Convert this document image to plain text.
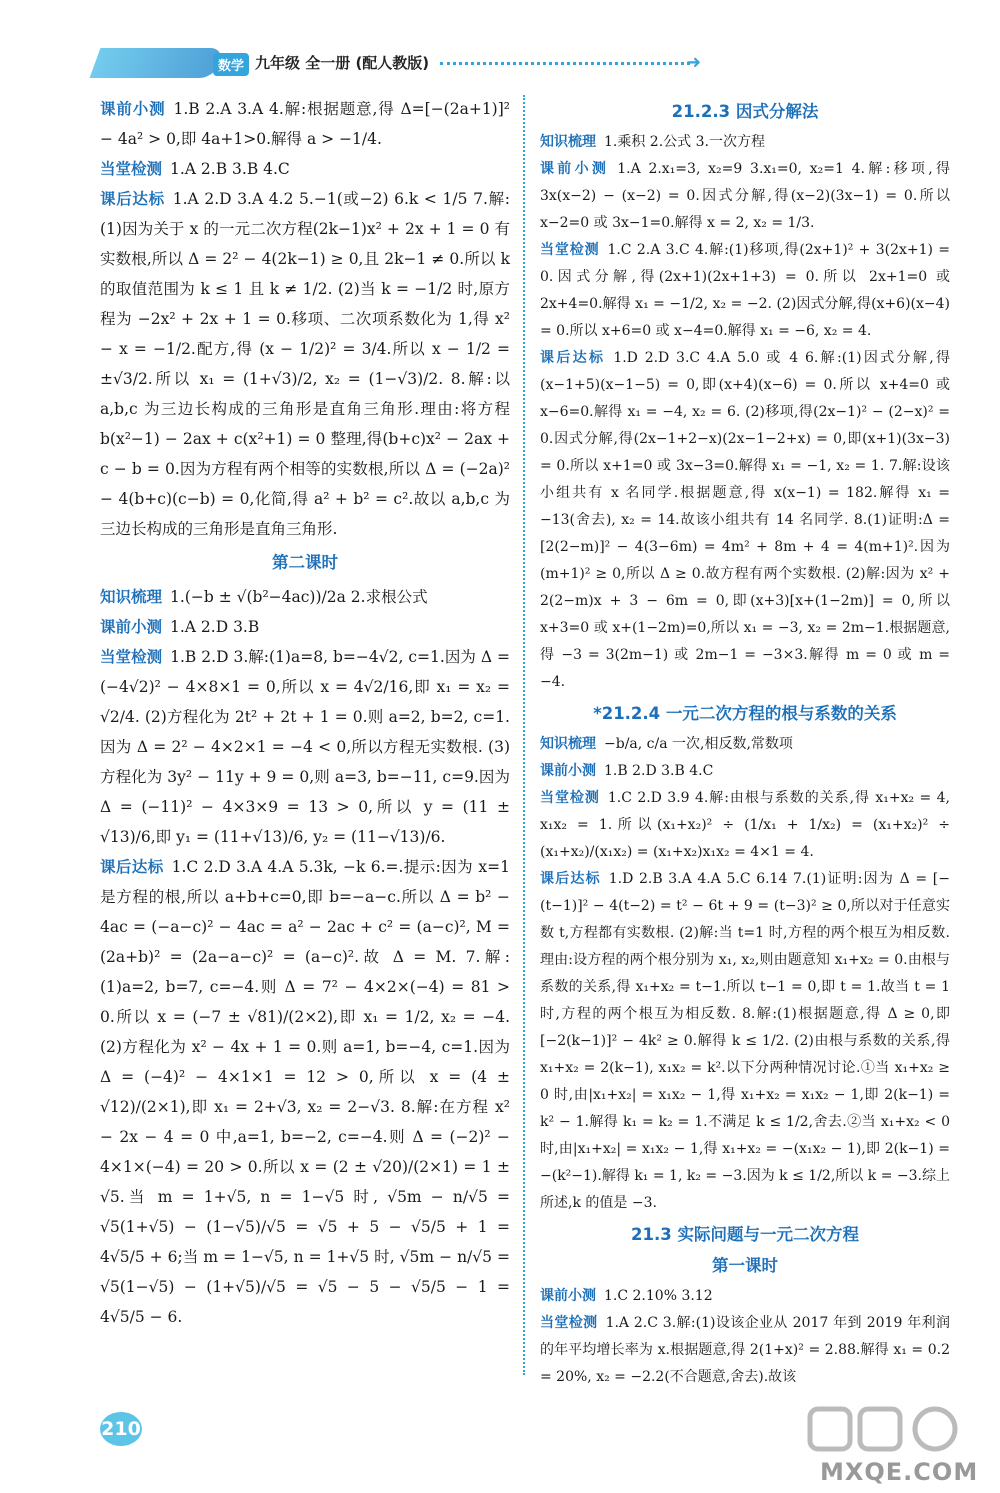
数学 九年级 全一册 (配人教版)	➜

课前小测 1.B 2.A 3.A 4.解:根据题意,得 Δ=[−(2a+1)]² − 4a² > 0,即 4a+1>0.解得 a > −1/4.

当堂检测 1.A 2.B 3.B 4.C

课后达标 1.A 2.D 3.A 4.2 5.−1(或−2) 6.k < 1/5 7.解:(1)因为关于 x 的一元二次方程(2k−1)x² + 2x + 1 = 0 有实数根,所以 Δ = 2² − 4(2k−1) ≥ 0,且 2k−1 ≠ 0.所以 k 的取值范围为 k ≤ 1 且 k ≠ 1/2. (2)当 k = −1/2 时,原方程为 −2x² + 2x + 1 = 0.移项、二次项系数化为 1,得 x² − x = −1/2.配方,得 (x − 1/2)² = 3/4.所以 x − 1/2 = ±√3/2.所以 x₁ = (1+√3)/2, x₂ = (1−√3)/2. 8.解:以 a,b,c 为三边长构成的三角形是直角三角形.理由:将方程 b(x²−1) − 2ax + c(x²+1) = 0 整理,得(b+c)x² − 2ax + c − b = 0.因为方程有两个相等的实数根,所以 Δ = (−2a)² − 4(b+c)(c−b) = 0,化简,得 a² + b² = c².故以 a,b,c 为三边长构成的三角形是直角三角形.

第二课时

知识梳理 1.(−b ± √(b²−4ac))/2a 2.求根公式

课前小测 1.A 2.D 3.B

当堂检测 1.B 2.D 3.解:(1)a=8, b=−4√2, c=1.因为 Δ = (−4√2)² − 4×8×1 = 0,所以 x = 4√2/16,即 x₁ = x₂ = √2/4. (2)方程化为 2t² + 2t + 1 = 0.则 a=2, b=2, c=1.因为 Δ = 2² − 4×2×1 = −4 < 0,所以方程无实数根. (3)方程化为 3y² − 11y + 9 = 0,则 a=3, b=−11, c=9.因为 Δ = (−11)² − 4×3×9 = 13 > 0,所以 y = (11 ± √13)/6,即 y₁ = (11+√13)/6, y₂ = (11−√13)/6.

课后达标 1.C 2.D 3.A 4.A 5.3k, −k 6.=.提示:因为 x=1 是方程的根,所以 a+b+c=0,即 b=−a−c.所以 Δ = b² − 4ac = (−a−c)² − 4ac = a² − 2ac + c² = (a−c)², M = (2a+b)² = (2a−a−c)² = (a−c)².故 Δ = M. 7.解:(1)a=2, b=7, c=−4.则 Δ = 7² − 4×2×(−4) = 81 > 0.所以 x = (−7 ± √81)/(2×2),即 x₁ = 1/2, x₂ = −4. (2)方程化为 x² − 4x + 1 = 0.则 a=1, b=−4, c=1.因为 Δ = (−4)² − 4×1×1 = 12 > 0,所以 x = (4 ± √12)/(2×1),即 x₁ = 2+√3, x₂ = 2−√3. 8.解:在方程 x² − 2x − 4 = 0 中,a=1, b=−2, c=−4.则 Δ = (−2)² − 4×1×(−4) = 20 > 0.所以 x = (2 ± √20)/(2×1) = 1 ± √5.当 m = 1+√5, n = 1−√5 时, √5m − n/√5 = √5(1+√5) − (1−√5)/√5 = √5 + 5 − √5/5 + 1 = 4√5/5 + 6;当 m = 1−√5, n = 1+√5 时, √5m − n/√5 = √5(1−√5) − (1+√5)/√5 = √5 − 5 − √5/5 − 1 = 4√5/5 − 6.

21.2.3 因式分解法

知识梳理 1.乘积 2.公式 3.一次方程

课前小测 1.A 2.x₁=3, x₂=9 3.x₁=0, x₂=1 4.解:移项,得 3x(x−2) − (x−2) = 0.因式分解,得(x−2)(3x−1) = 0.所以 x−2=0 或 3x−1=0.解得 x = 2, x₂ = 1/3.

当堂检测 1.C 2.A 3.C 4.解:(1)移项,得(2x+1)² + 3(2x+1) = 0.因式分解,得(2x+1)(2x+1+3) = 0.所以 2x+1=0 或 2x+4=0.解得 x₁ = −1/2, x₂ = −2. (2)因式分解,得(x+6)(x−4) = 0.所以 x+6=0 或 x−4=0.解得 x₁ = −6, x₂ = 4.

课后达标 1.D 2.D 3.C 4.A 5.0 或 4 6.解:(1)因式分解,得(x−1+5)(x−1−5) = 0,即(x+4)(x−6) = 0.所以 x+4=0 或 x−6=0.解得 x₁ = −4, x₂ = 6. (2)移项,得(2x−1)² − (2−x)² = 0.因式分解,得(2x−1+2−x)(2x−1−2+x) = 0,即(x+1)(3x−3) = 0.所以 x+1=0 或 3x−3=0.解得 x₁ = −1, x₂ = 1. 7.解:设该小组共有 x 名同学.根据题意,得 x(x−1) = 182.解得 x₁ = −13(舍去), x₂ = 14.故该小组共有 14 名同学. 8.(1)证明:Δ = [2(2−m)]² − 4(3−6m) = 4m² + 8m + 4 = 4(m+1)².因为(m+1)² ≥ 0,所以 Δ ≥ 0.故方程有两个实数根. (2)解:因为 x² + 2(2−m)x + 3 − 6m = 0,即(x+3)[x+(1−2m)] = 0,所以 x+3=0 或 x+(1−2m)=0,所以 x₁ = −3, x₂ = 2m−1.根据题意,得 −3 = 3(2m−1) 或 2m−1 = −3×3.解得 m = 0 或 m = −4.

*21.2.4 一元二次方程的根与系数的关系

知识梳理 −b/a, c/a 一次,相反数,常数项

课前小测 1.B 2.D 3.B 4.C

当堂检测 1.C 2.D 3.9 4.解:由根与系数的关系,得 x₁+x₂ = 4, x₁x₂ = 1.所以(x₁+x₂)² ÷ (1/x₁ + 1/x₂) = (x₁+x₂)² ÷ (x₁+x₂)/(x₁x₂) = (x₁+x₂)x₁x₂ = 4×1 = 4.

课后达标 1.D 2.B 3.A 4.A 5.C 6.14 7.(1)证明:因为 Δ = [−(t−1)]² − 4(t−2) = t² − 6t + 9 = (t−3)² ≥ 0,所以对于任意实数 t,方程都有实数根. (2)解:当 t=1 时,方程的两个根互为相反数.理由:设方程的两个根分别为 x₁, x₂,则由题意知 x₁+x₂ = 0.由根与系数的关系,得 x₁+x₂ = t−1.所以 t−1 = 0,即 t = 1.故当 t = 1 时,方程的两个根互为相反数. 8.解:(1)根据题意,得 Δ ≥ 0,即[−2(k−1)]² − 4k² ≥ 0.解得 k ≤ 1/2. (2)由根与系数的关系,得 x₁+x₂ = 2(k−1), x₁x₂ = k².以下分两种情况讨论.①当 x₁+x₂ ≥ 0 时,由|x₁+x₂| = x₁x₂ − 1,得 x₁+x₂ = x₁x₂ − 1,即 2(k−1) = k² − 1.解得 k₁ = k₂ = 1.不满足 k ≤ 1/2,舍去.②当 x₁+x₂ < 0 时,由|x₁+x₂| = x₁x₂ − 1,得 x₁+x₂ = −(x₁x₂ − 1),即 2(k−1) = −(k²−1).解得 k₁ = 1, k₂ = −3.因为 k ≤ 1/2,所以 k = −3.综上所述,k 的值是 −3.

21.3 实际问题与一元二次方程
第一课时

课前小测 1.C 2.10% 3.12

当堂检测 1.A 2.C 3.解:(1)设该企业从 2017 年到 2019 年利润的年平均增长率为 x.根据题意,得 2(1+x)² = 2.88.解得 x₁ = 0.2 = 20%, x₂ = −2.2(不合题意,舍去).故该

210
MXQE.COM
